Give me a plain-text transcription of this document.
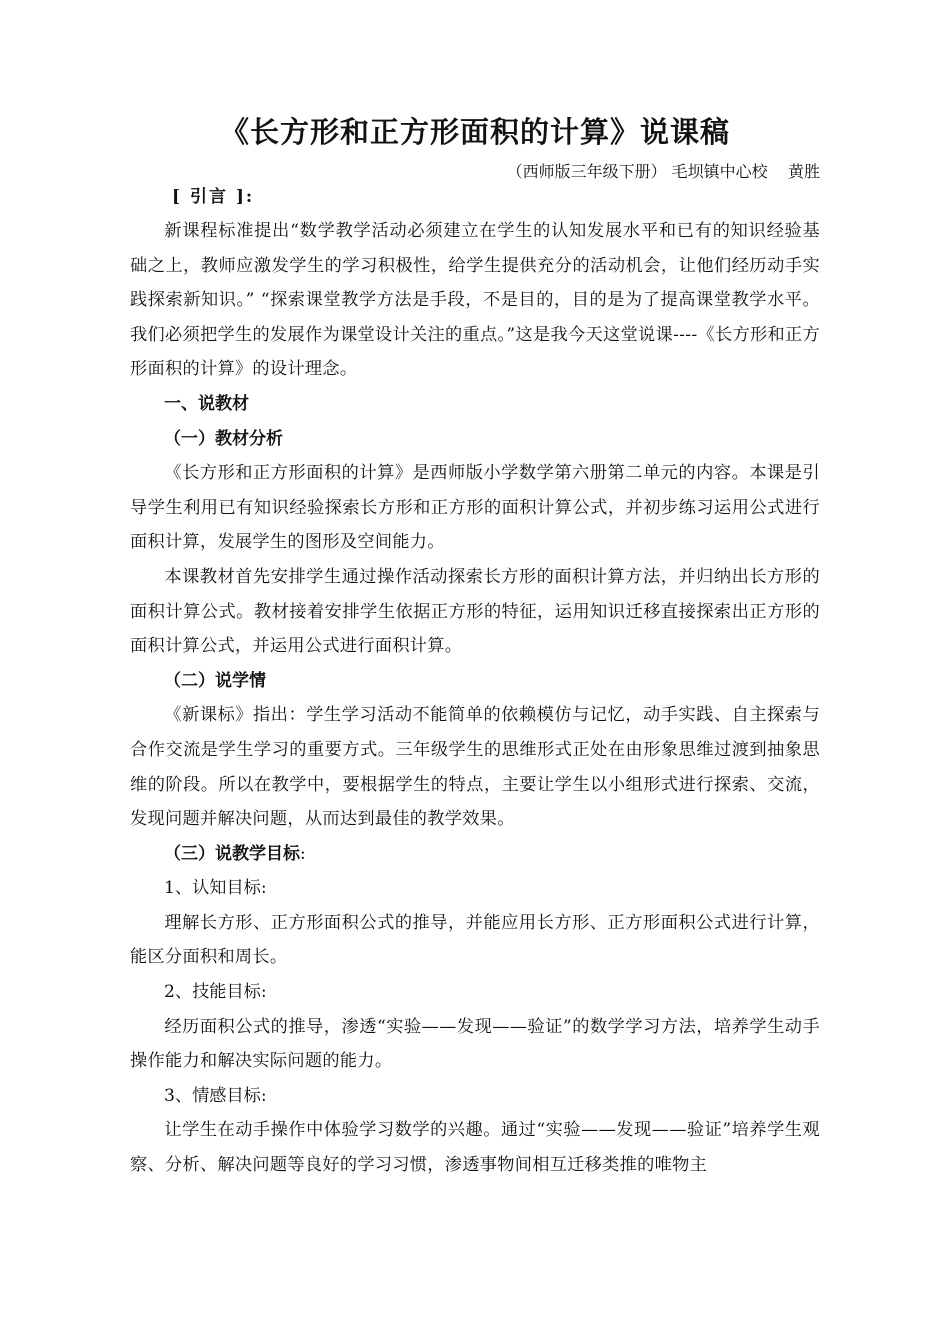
《长方形和正方形面积的计算》说课稿

（西师版三年级下册） 毛坝镇中心校    黄胜

[ 引言 ]:

新课程标准提出“数学教学活动必须建立在学生的认知发展水平和已有的知识经验基础之上，教师应激发学生的学习积极性，给学生提供充分的活动机会，让他们经历动手实践探索新知识。” “探索课堂教学方法是手段，不是目的，目的是为了提高课堂教学水平。我们必须把学生的发展作为课堂设计关注的重点。”这是我今天这堂说课----《长方形和正方形面积的计算》的设计理念。

一、说教材

（一）教材分析

《长方形和正方形面积的计算》是西师版小学数学第六册第二单元的内容。本课是引导学生利用已有知识经验探索长方形和正方形的面积计算公式，并初步练习运用公式进行面积计算，发展学生的图形及空间能力。

本课教材首先安排学生通过操作活动探索长方形的面积计算方法，并归纳出长方形的面积计算公式。教材接着安排学生依据正方形的特征，运用知识迁移直接探索出正方形的面积计算公式，并运用公式进行面积计算。

（二）说学情

《新课标》指出：学生学习活动不能简单的依赖模仿与记忆，动手实践、自主探索与合作交流是学生学习的重要方式。三年级学生的思维形式正处在由形象思维过渡到抽象思维的阶段。所以在教学中，要根据学生的特点，主要让学生以小组形式进行探索、交流，发现问题并解决问题，从而达到最佳的教学效果。

（三）说教学目标:

1、认知目标:

理解长方形、正方形面积公式的推导，并能应用长方形、正方形面积公式进行计算，能区分面积和周长。

2、技能目标:

经历面积公式的推导，渗透“实验——发现——验证”的数学学习方法，培养学生动手操作能力和解决实际问题的能力。

3、情感目标:

让学生在动手操作中体验学习数学的兴趣。通过“实验——发现——验证”培养学生观察、分析、解决问题等良好的学习习惯，渗透事物间相互迁移类推的唯物主
